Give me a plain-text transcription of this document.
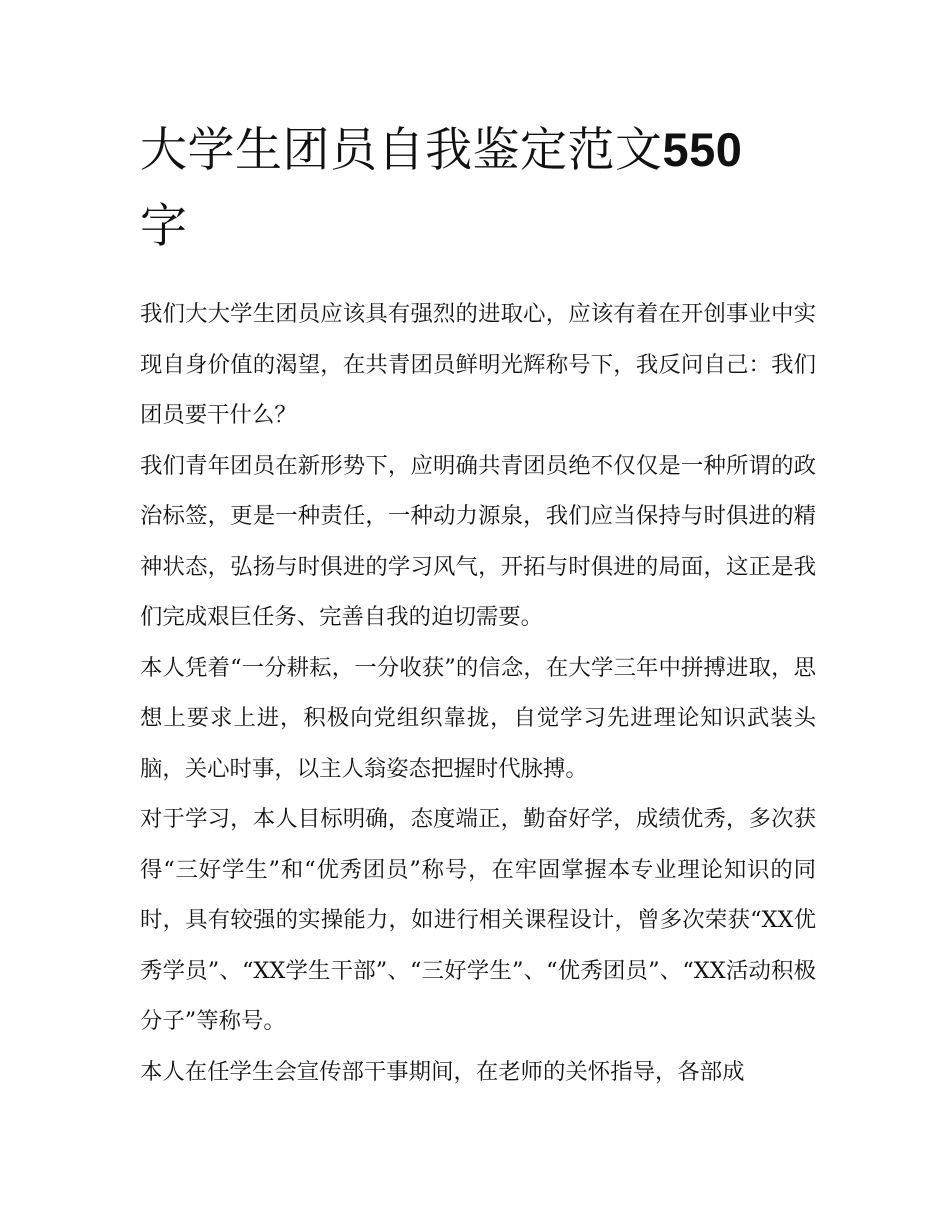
大学生团员自我鉴定范文550
字

我们大大学生团员应该具有强烈的进取心，应该有着在开创事业中实现自身价值的渴望，在共青团员鲜明光辉称号下，我反问自己：我们团员要干什么？

我们青年团员在新形势下，应明确共青团员绝不仅仅是一种所谓的政治标签，更是一种责任，一种动力源泉，我们应当保持与时俱进的精神状态，弘扬与时俱进的学习风气，开拓与时俱进的局面，这正是我们完成艰巨任务、完善自我的迫切需要。

本人凭着“一分耕耘，一分收获”的信念，在大学三年中拼搏进取，思想上要求上进，积极向党组织靠拢，自觉学习先进理论知识武装头脑，关心时事，以主人翁姿态把握时代脉搏。

对于学习，本人目标明确，态度端正，勤奋好学，成绩优秀，多次获得“三好学生”和“优秀团员”称号，在牢固掌握本专业理论知识的同时，具有较强的实操能力，如进行相关课程设计，曾多次荣获“XX优秀学员”、“XX学生干部”、“三好学生”、“优秀团员”、“XX活动积极分子”等称号。

本人在任学生会宣传部干事期间，在老师的关怀指导，各部成
